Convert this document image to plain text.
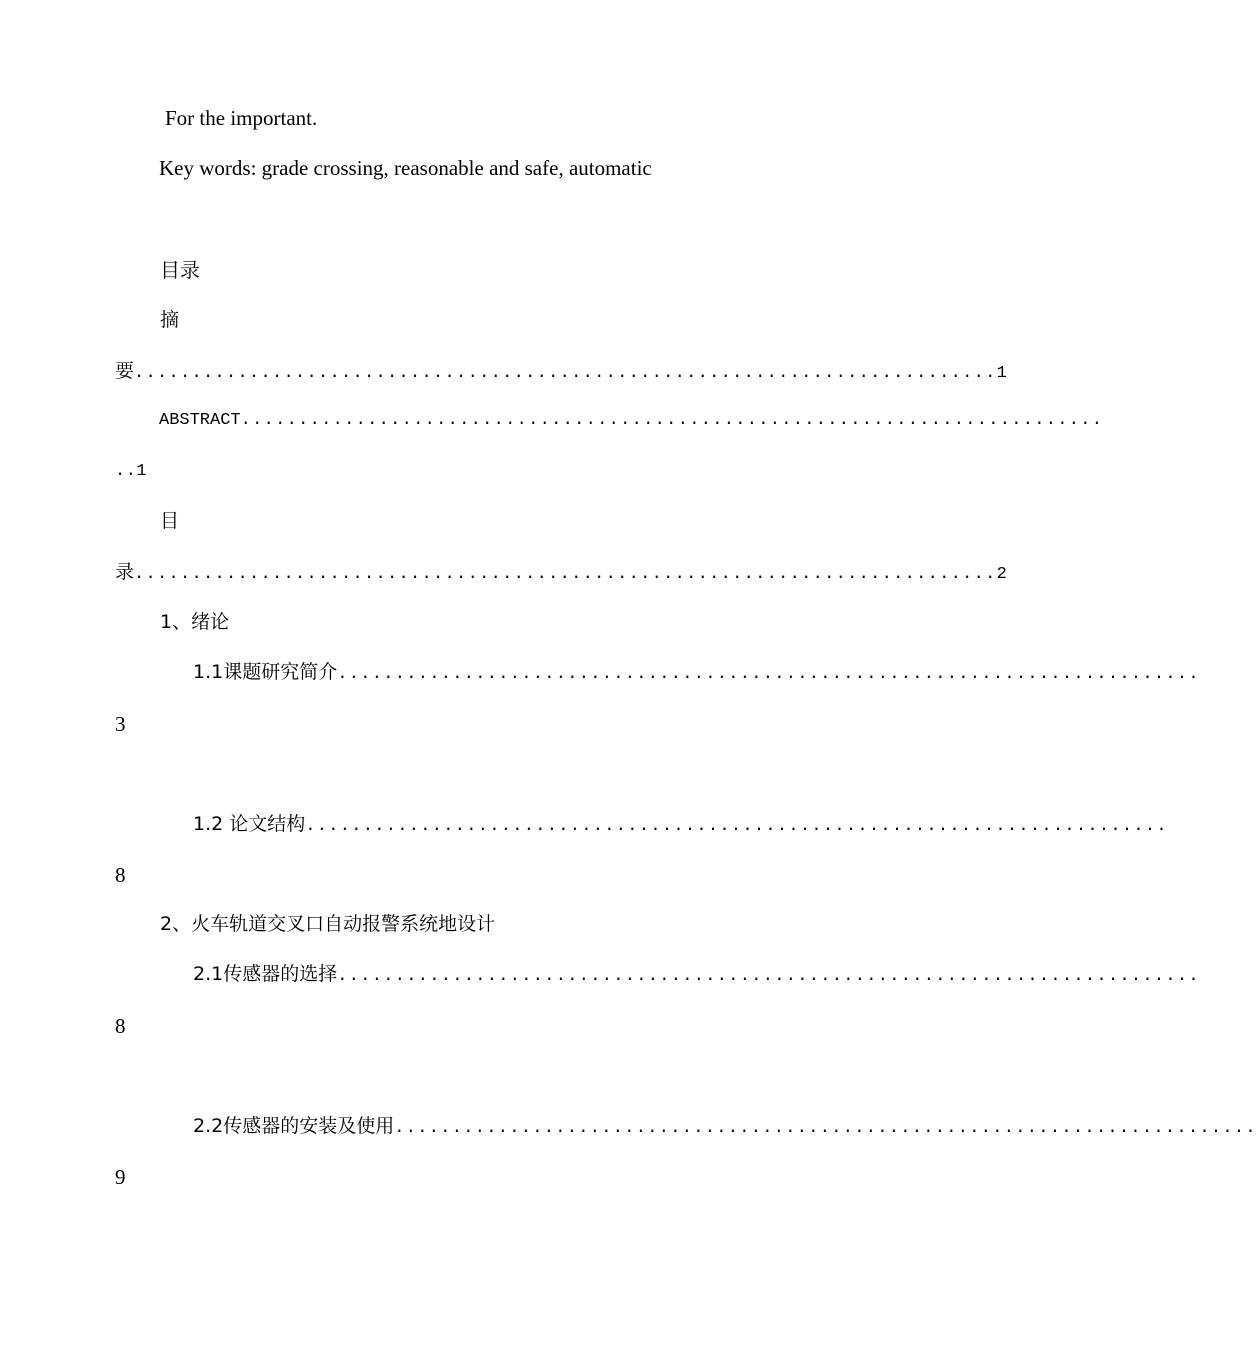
For the important.
Key words: grade crossing, reasonable and safe, automatic
目录
摘
要 ........................................................................... 1
ABSTRACT ...........................................................................
..1
目
录 ........................................................................... 2
1、绪论
1.1课题研究简介 ...........................................................................
3
1.2 论文结构 ...........................................................................
8
2、火车轨道交叉口自动报警系统地设计
2.1传感器的选择 ...........................................................................
8
2.2传感器的安装及使用 ...........................................................................
9
